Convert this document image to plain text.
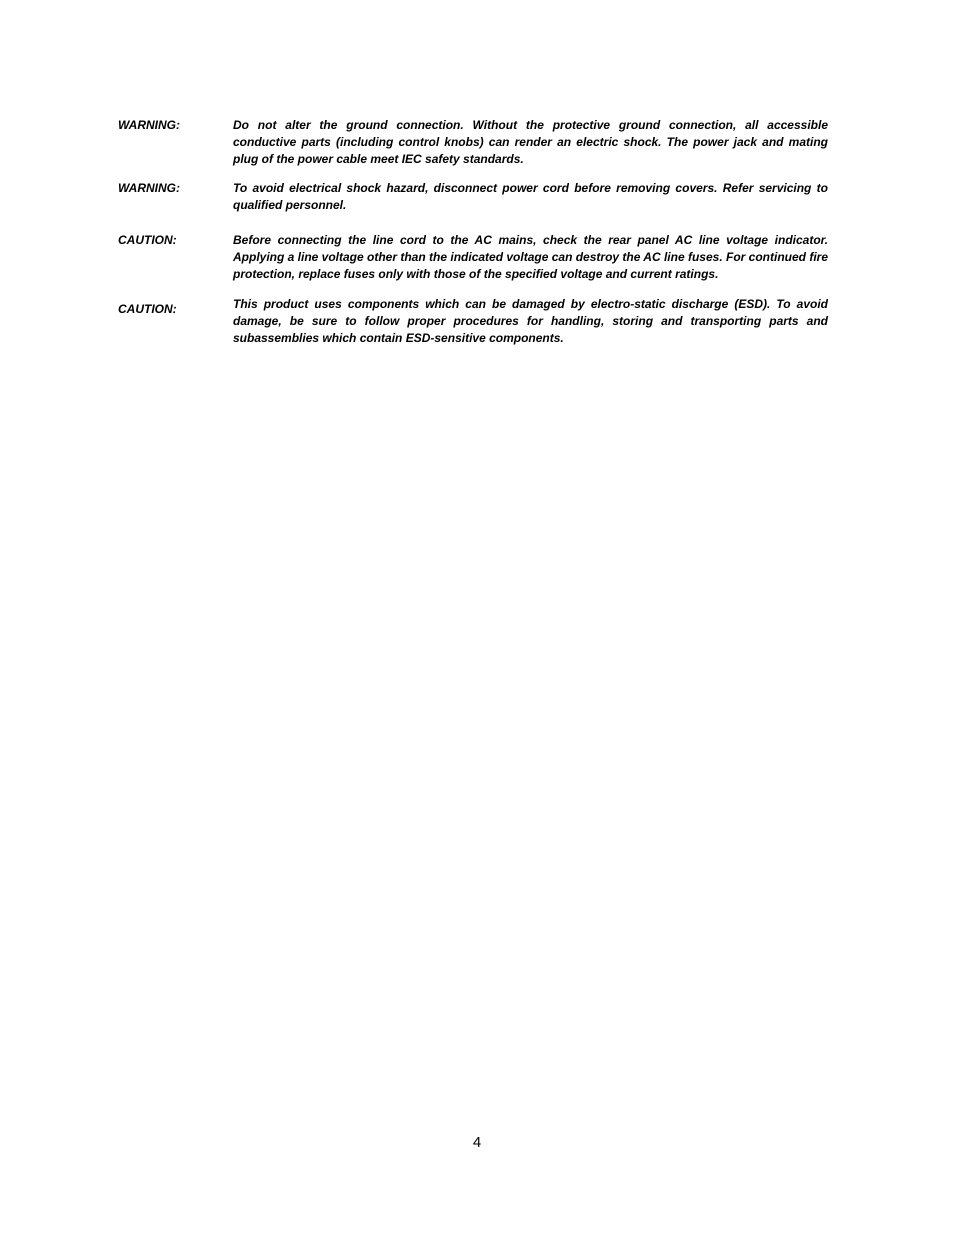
WARNING:	Do not alter the ground connection. Without the protective ground connection, all accessible conductive parts (including control knobs) can render an electric shock. The power jack and mating plug of the power cable meet IEC safety standards.
WARNING:	To avoid electrical shock hazard, disconnect power cord before removing covers. Refer servicing to qualified personnel.
CAUTION:	Before connecting the line cord to the AC mains, check the rear panel AC line voltage indicator. Applying a line voltage other than the indicated voltage can destroy the AC line fuses. For continued fire protection, replace fuses only with those of the specified voltage and current ratings.
CAUTION:	This product uses components which can be damaged by electro-static discharge (ESD). To avoid damage, be sure to follow proper procedures for handling, storing and transporting parts and subassemblies which contain ESD-sensitive components.
4
